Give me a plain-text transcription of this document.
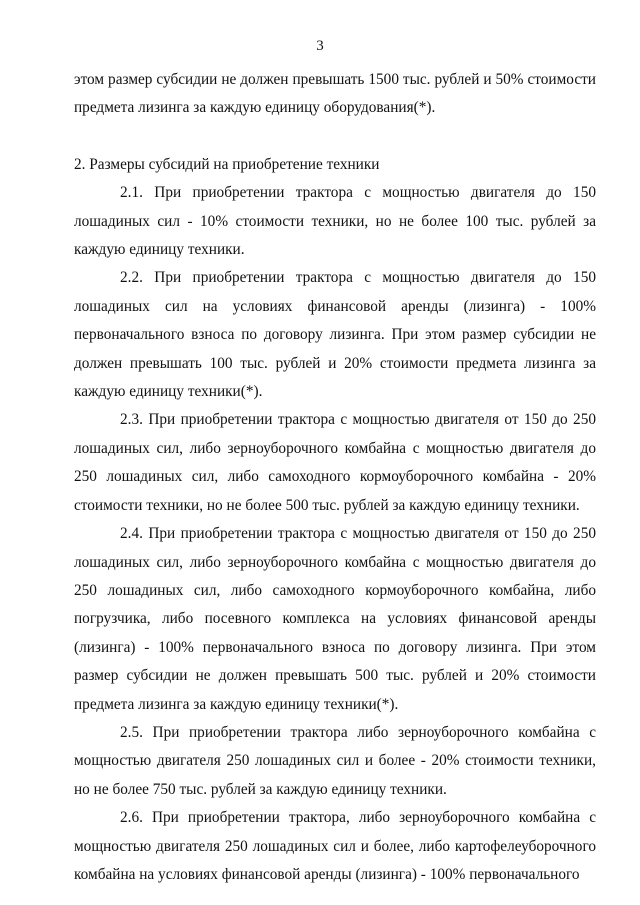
3

этом размер субсидии не должен превышать 1500 тыс. рублей и 50% стоимости предмета лизинга за каждую единицу оборудования(*).

2. Размеры субсидий на приобретение техники

2.1. При приобретении трактора с мощностью двигателя до 150 лошадиных сил - 10% стоимости техники, но не более 100 тыс. рублей за каждую единицу техники.

2.2. При приобретении трактора с мощностью двигателя до 150 лошадиных сил на условиях финансовой аренды (лизинга) - 100% первоначального взноса по договору лизинга. При этом размер субсидии не должен превышать 100 тыс. рублей и 20% стоимости предмета лизинга за каждую единицу техники(*).

2.3. При приобретении трактора с мощностью двигателя от 150 до 250 лошадиных сил, либо зерноуборочного комбайна с мощностью двигателя до 250 лошадиных сил, либо самоходного кормоуборочного комбайна - 20% стоимости техники, но не более 500 тыс. рублей за каждую единицу техники.

2.4. При приобретении трактора с мощностью двигателя от 150 до 250 лошадиных сил, либо зерноуборочного комбайна с мощностью двигателя до 250 лошадиных сил, либо самоходного кормоуборочного комбайна, либо погрузчика, либо посевного комплекса на условиях финансовой аренды (лизинга) - 100% первоначального взноса по договору лизинга. При этом размер субсидии не должен превышать 500 тыс. рублей и 20% стоимости предмета лизинга за каждую единицу техники(*).

2.5. При приобретении трактора либо зерноуборочного комбайна с мощностью двигателя 250 лошадиных сил и более - 20% стоимости техники, но не более 750 тыс. рублей за каждую единицу техники.

2.6. При приобретении трактора, либо зерноуборочного комбайна с мощностью двигателя 250 лошадиных сил и более, либо картофелеуборочного комбайна на условиях финансовой аренды (лизинга) - 100% первоначального
